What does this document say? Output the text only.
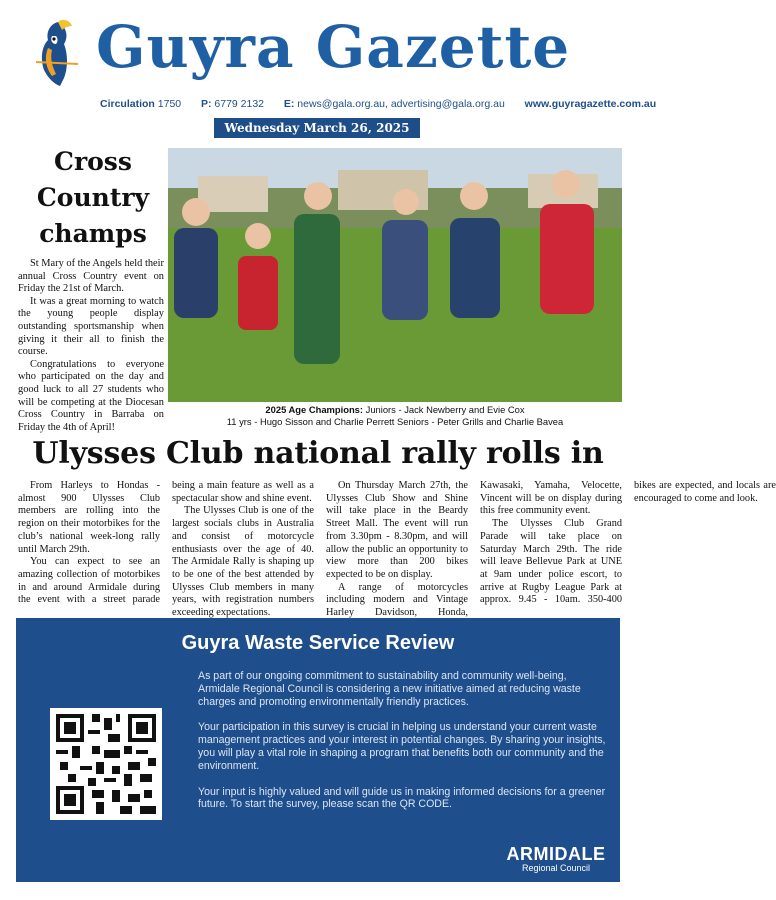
Guyra Gazette
Circulation 1750 P: 6779 2132 E: news@gala.org.au, advertising@gala.org.au www.guyragazette.com.au
Wednesday March 26, 2025
Cross Country champs

St Mary of the Angels held their annual Cross Country event on Friday the 21st of March.

It was a great morning to watch the young people display outstanding sportsmanship when giving it their all to finish the course.

Congratulations to everyone who participated on the day and good luck to all 27 students who will be competing at the Diocesan Cross Country in Barraba on Friday the 4th of April!

2025 Age Champions: Juniors - Jack Newberry and Evie Cox
11 yrs - Hugo Sisson and Charlie Perrett Seniors - Peter Grills and Charlie Bavea
Ulysses Club national rally rolls in

From Harleys to Hondas - almost 900 Ulysses Club members are rolling into the region on their motorbikes for the club’s national week-long rally until March 29th.

You can expect to see an amazing collection of motorbikes in and around Armidale during the event with a street parade being a main feature as well as a spectacular show and shine event.

The Ulysses Club is one of the largest socials clubs in Australia and consist of motorcycle enthusiasts over the age of 40. The Armidale Rally is shaping up to be one of the best attended by Ulysses Club members in many years, with registration numbers exceeding expectations.

On Thursday March 27th, the Ulysses Club Show and Shine will take place in the Beardy Street Mall. The event will run from 3.30pm - 8.30pm, and will allow the public an opportunity to view more than 200 bikes expected to be on display.

A range of motorcycles including modern and Vintage Harley Davidson, Honda, Kawasaki, Yamaha, Velocette, Vincent will be on display during this free community event.

The Ulysses Club Grand Parade will take place on Saturday March 29th. The ride will leave Bellevue Park at UNE at 9am under police escort, to arrive at Rugby League Park at approx. 9.45 - 10am. 350-400 bikes are expected, and locals are encouraged to come and look.

Guyra Waste Service Review

As part of our ongoing commitment to sustainability and community well-being, Armidale Regional Council is considering a new initiative aimed at reducing waste charges and promoting environmentally friendly practices.

Your participation in this survey is crucial in helping us understand your current waste management practices and your interest in potential changes. By sharing your insights, you will play a vital role in shaping a program that benefits both our community and the environment.

Your input is highly valued and will guide us in making informed decisions for a greener future. To start the survey, please scan the QR CODE.

ARMIDALE
Regional Council
